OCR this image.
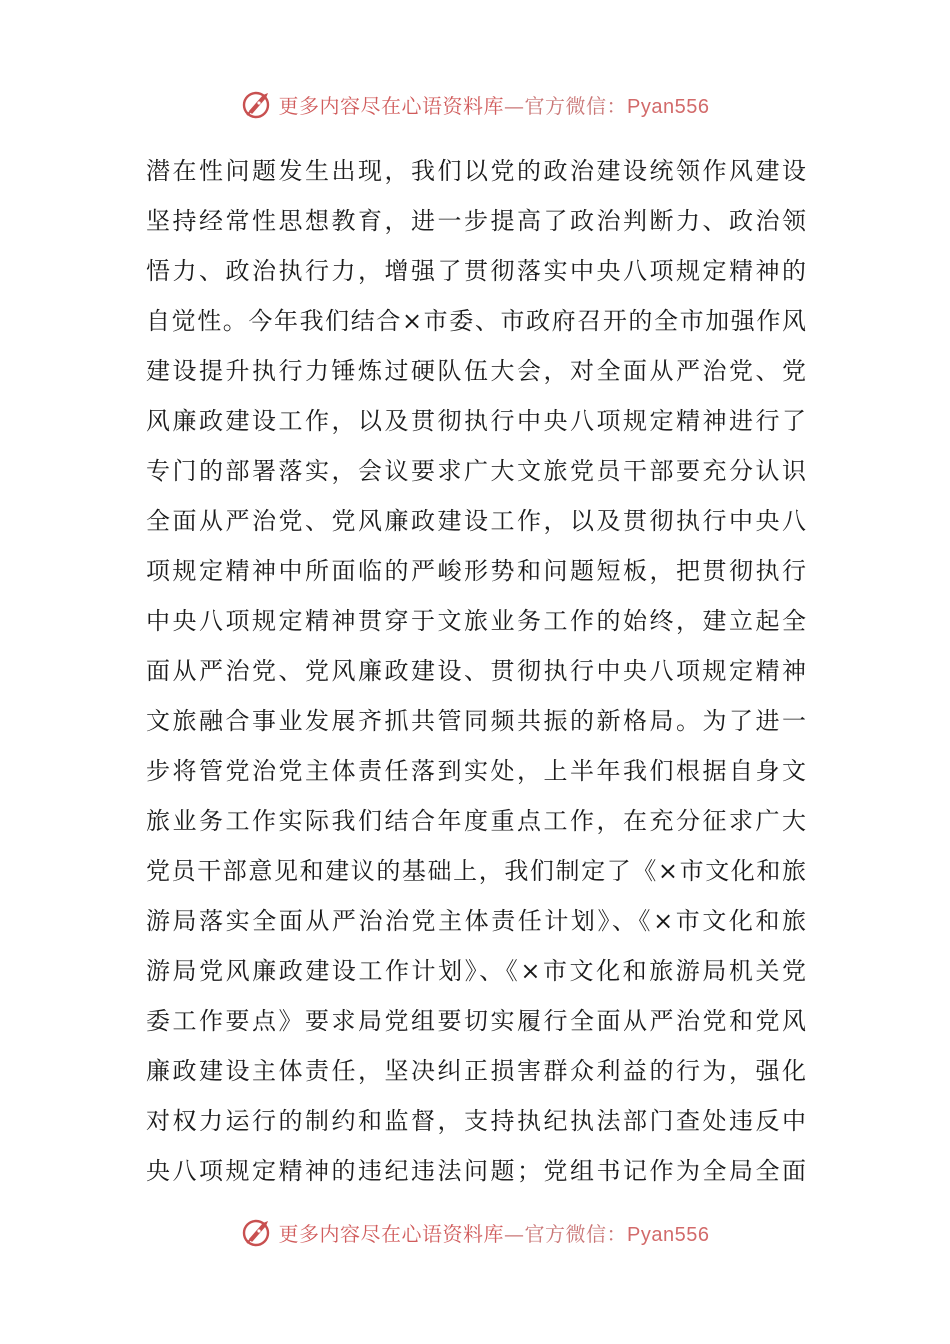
更多内容尽在心语资料库—官方微信：Pyan556
潜在性问题发生出现，我们以党的政治建设统领作风建设
坚持经常性思想教育，进一步提高了政治判断力、政治领
悟力、政治执行力，增强了贯彻落实中央八项规定精神的
自觉性。今年我们结合×市委、市政府召开的全市加强作风
建设提升执行力锤炼过硬队伍大会，对全面从严治党、党
风廉政建设工作，以及贯彻执行中央八项规定精神进行了
专门的部署落实，会议要求广大文旅党员干部要充分认识
全面从严治党、党风廉政建设工作，以及贯彻执行中央八
项规定精神中所面临的严峻形势和问题短板，把贯彻执行
中央八项规定精神贯穿于文旅业务工作的始终，建立起全
面从严治党、党风廉政建设、贯彻执行中央八项规定精神
文旅融合事业发展齐抓共管同频共振的新格局。为了进一
步将管党治党主体责任落到实处，上半年我们根据自身文
旅业务工作实际我们结合年度重点工作，在充分征求广大
党员干部意见和建议的基础上，我们制定了《×市文化和旅
游局落实全面从严治治党主体责任计划》、《×市文化和旅
游局党风廉政建设工作计划》、《×市文化和旅游局机关党
委工作要点》要求局党组要切实履行全面从严治党和党风
廉政建设主体责任，坚决纠正损害群众利益的行为，强化
对权力运行的制约和监督，支持执纪执法部门查处违反中
央八项规定精神的违纪违法问题；党组书记作为全局全面
更多内容尽在心语资料库—官方微信：Pyan556
